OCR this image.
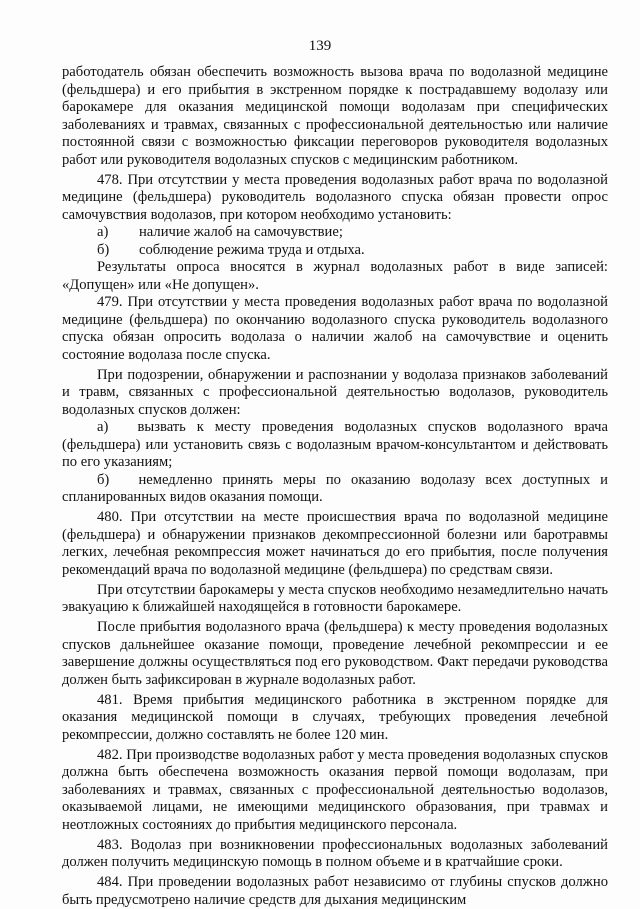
139

работодатель обязан обеспечить возможность вызова врача по водолазной медицине (фельдшера) и его прибытия в экстренном порядке к пострадавшему водолазу или барокамере для оказания медицинской помощи водолазам при специфических заболеваниях и травмах, связанных с профессиональной деятельностью или наличие постоянной связи с возможностью фиксации переговоров руководителя водолазных работ или руководителя водолазных спусков с медицинским работником.

478. При отсутствии у места проведения водолазных работ врача по водолазной медицине (фельдшера) руководитель водолазного спуска обязан провести опрос самочувствия водолазов, при котором необходимо установить:

а) наличие жалоб на самочувствие;

б) соблюдение режима труда и отдыха.

Результаты опроса вносятся в журнал водолазных работ в виде записей: «Допущен» или «Не допущен».

479. При отсутствии у места проведения водолазных работ врача по водолазной медицине (фельдшера) по окончанию водолазного спуска руководитель водолазного спуска обязан опросить водолаза о наличии жалоб на самочувствие и оценить состояние водолаза после спуска.

При подозрении, обнаружении и распознании у водолаза признаков заболеваний и травм, связанных с профессиональной деятельностью водолазов, руководитель водолазных спусков должен:

а)   вызвать к месту проведения водолазных спусков водолазного врача (фельдшера) или установить связь с водолазным врачом-консультантом и действовать по его указаниям;

б)   немедленно принять меры по оказанию водолазу всех доступных и спланированных видов оказания помощи.

480. При отсутствии на месте происшествия врача по водолазной медицине (фельдшера) и обнаружении признаков декомпрессионной болезни или баротравмы легких, лечебная рекомпрессия может начинаться до его прибытия, после получения рекомендаций врача по водолазной медицине (фельдшера) по средствам связи.

При отсутствии барокамеры у места спусков необходимо незамедлительно начать эвакуацию к ближайшей находящейся в готовности барокамере.

После прибытия водолазного врача (фельдшера) к месту проведения водолазных спусков дальнейшее оказание помощи, проведение лечебной рекомпрессии и ее завершение должны осуществляться под его руководством. Факт передачи руководства должен быть зафиксирован в журнале водолазных работ.

481. Время прибытия медицинского работника в экстренном порядке для оказания медицинской помощи в случаях, требующих проведения лечебной рекомпрессии, должно составлять не более 120 мин.

482. При производстве водолазных работ у места проведения водолазных спусков должна быть обеспечена возможность оказания первой помощи водолазам, при заболеваниях и травмах, связанных с профессиональной деятельностью водолазов, оказываемой лицами, не имеющими медицинского образования, при травмах и неотложных состояниях до прибытия медицинского персонала.

483. Водолаз при возникновении профессиональных водолазных заболеваний должен получить медицинскую помощь в полном объеме и в кратчайшие сроки.

484. При проведении водолазных работ независимо от глубины спусков должно быть предусмотрено наличие средств для дыхания медицинским
